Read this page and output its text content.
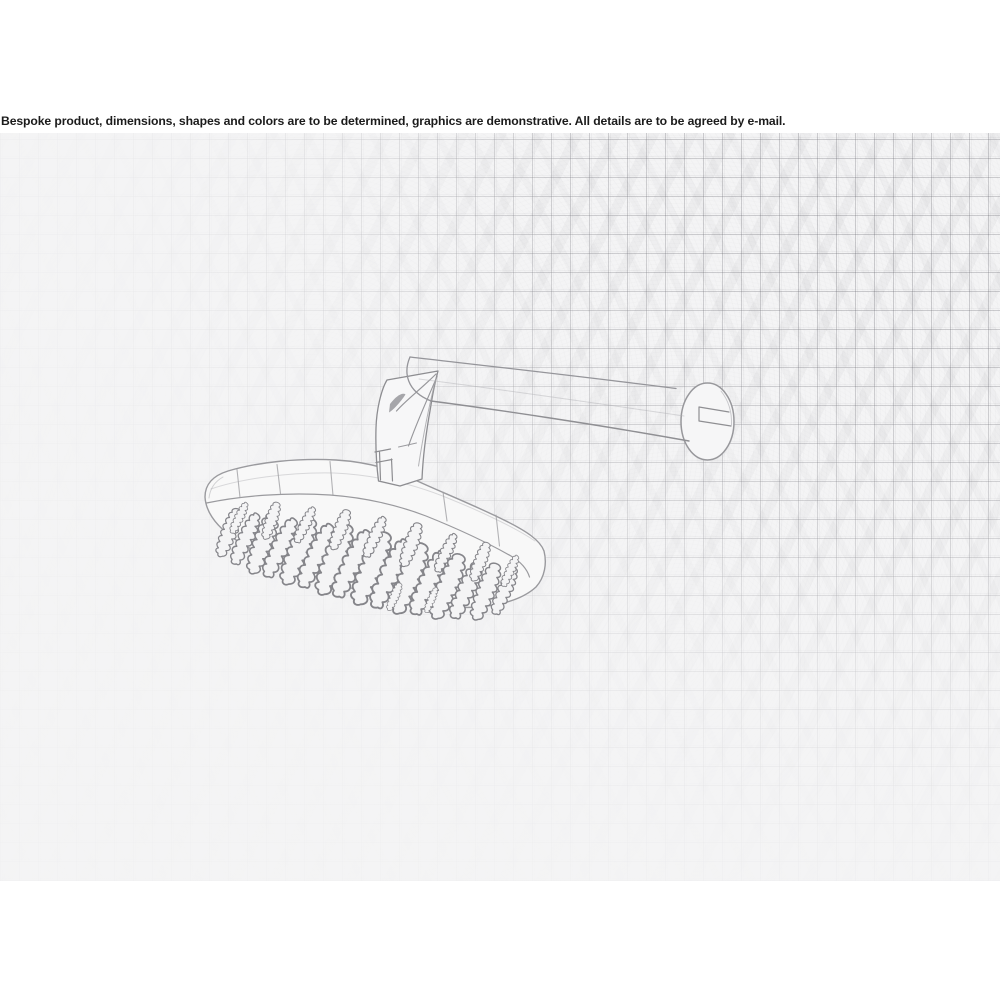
Bespoke product, dimensions, shapes and colors are to be determined, graphics are demonstrative. All details are to be agreed by e-mail.
